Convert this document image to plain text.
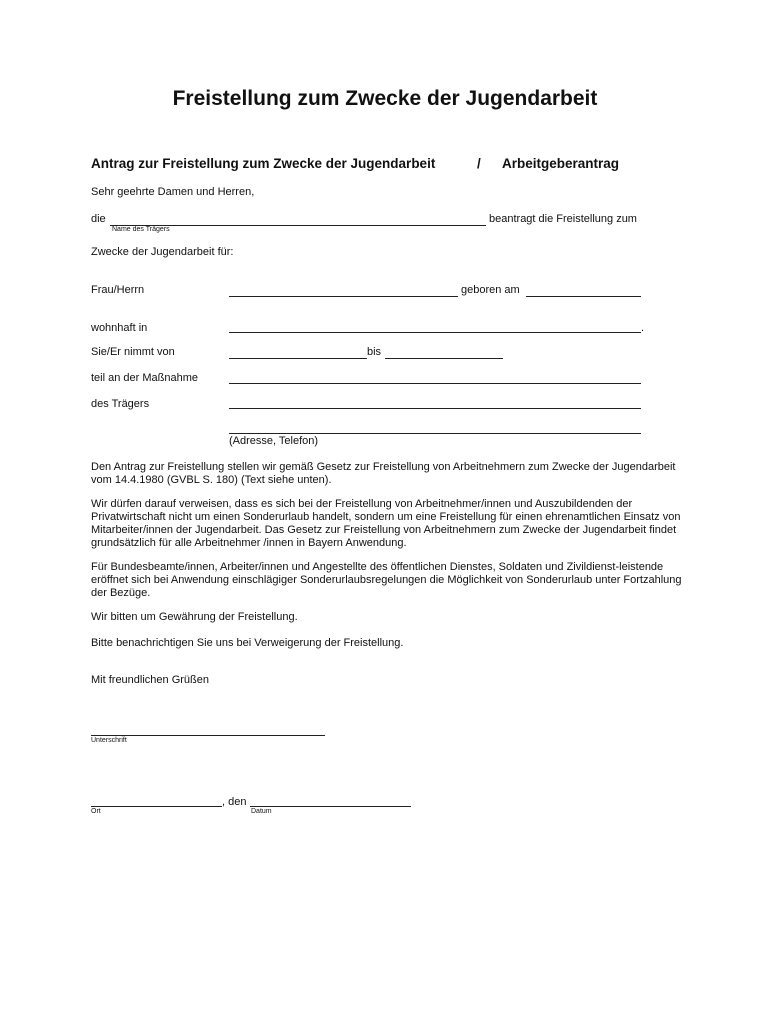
Freistellung zum Zwecke der Jugendarbeit
Antrag zur Freistellung zum Zwecke der Jugendarbeit	/ Arbeitgeberantrag
Sehr geehrte Damen und Herren,
die	beantragt die Freistellung zum
Name des Trägers
Zwecke der Jugendarbeit für:
Frau/Herrn	geboren am
wohnhaft in	.
Sie/Er nimmt von	bis
teil an der Maßnahme
des Trägers
(Adresse, Telefon)
Den Antrag zur Freistellung stellen wir gemäß Gesetz zur Freistellung von Arbeitnehmern zum Zwecke der Jugendarbeit vom 14.4.1980 (GVBL S. 180) (Text siehe unten).
Wir dürfen darauf verweisen, dass es sich bei der Freistellung von Arbeitnehmer/innen und Auszubildenden der Privatwirtschaft nicht um einen Sonderurlaub handelt, sondern um eine Freistellung für einen ehrenamtlichen Einsatz von Mitarbeiter/innen der Jugendarbeit. Das Gesetz zur Freistellung von Arbeitnehmern zum Zwecke der Jugendarbeit findet grundsätzlich für alle Arbeitnehmer /innen in Bayern Anwendung.
Für Bundesbeamte/innen, Arbeiter/innen und Angestellte des öffentlichen Dienstes, Soldaten und Zivildienst-leistende eröffnet sich bei Anwendung einschlägiger Sonderurlaubsregelungen die Möglichkeit von Sonderurlaub unter Fortzahlung der Bezüge.
Wir bitten um Gewährung der Freistellung.
Bitte benachrichtigen Sie uns bei Verweigerung der Freistellung.
Mit freundlichen Grüßen
Unterschrift
, den
Ort	Datum
